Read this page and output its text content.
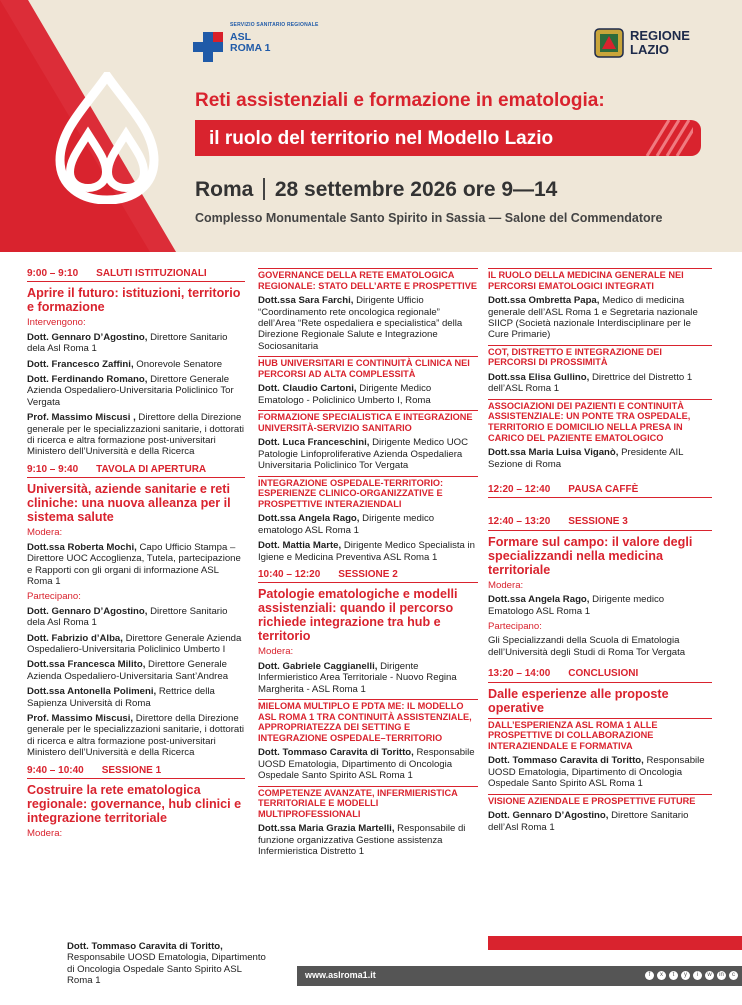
SERVIZIO SANITARIO REGIONALE
ASL
ROMA 1
REGIONE
LAZIO
Reti assistenziali e formazione in ematologia:
il ruolo del territorio nel Modello Lazio
Roma 28 settembre 2026 ore 9—14
Complesso Monumentale Santo Spirito in Sassia — Salone del Commendatore
9:00 – 9:10 SALUTI ISTITUZIONALI
Aprire il futuro: istituzioni, territorio e formazione
Intervengono:
Dott. Gennaro D’Agostino, Direttore Sanitario dela Asl Roma 1
Dott. Francesco Zaffini, Onorevole Senatore
Dott. Ferdinando Romano, Direttore Generale Azienda Ospedaliero-Universitaria Policlinico Tor Vergata
Prof. Massimo Miscusi , Direttore della Direzione generale per le specializzazioni sanitarie, i dottorati di ricerca e altra formazione post-universitari Ministero dell’Università e della Ricerca
9:10 – 9:40 TAVOLA DI APERTURA
Università, aziende sanitarie e reti cliniche: una nuova alleanza per il sistema salute
Modera:
Dott.ssa Roberta Mochi, Capo Ufficio Stampa – Direttore UOC Accoglienza, Tutela, partecipazione e Rapporti con gli organi di informazione ASL Roma 1
Partecipano:
Dott. Gennaro D’Agostino, Direttore Sanitario dela Asl Roma 1
Dott. Fabrizio d’Alba, Direttore Generale Azienda Ospedaliero-Universitaria Policlinico Umberto I
Dott.ssa Francesca Milito, Direttore Generale Azienda Ospedaliero-Universitaria Sant’Andrea
Dott.ssa Antonella Polimeni, Rettrice della Sapienza Università di Roma
Prof. Massimo Miscusi, Direttore della Direzione generale per le specializzazioni sanitarie, i dottorati di ricerca e altra formazione post-universitari Ministero dell’Università e della Ricerca
9:40 – 10:40 SESSIONE 1
Costruire la rete ematologica regionale: governance, hub clinici e integrazione territoriale
Modera:
Dott. Tommaso Caravita di Toritto, Responsabile UOSD Ematologia, Dipartimento di Oncologia Ospedale Santo Spirito ASL Roma 1
GOVERNANCE DELLA RETE EMATOLOGICA REGIONALE: STATO DELL’ARTE E PROSPETTIVE
Dott.ssa Sara Farchi, Dirigente Ufficio “Coordinamento rete oncologica regionale” dell’Area “Rete ospedaliera e specialistica” della Direzione Regionale Salute e Integrazione Sociosanitaria
HUB UNIVERSITARI E CONTINUITÀ CLINICA NEI PERCORSI AD ALTA COMPLESSITÀ
Dott. Claudio Cartoni, Dirigente Medico Ematologo - Policlinico Umberto I, Roma
FORMAZIONE SPECIALISTICA E INTEGRAZIONE UNIVERSITÀ-SERVIZIO SANITARIO
Dott. Luca Franceschini, Dirigente Medico UOC Patologie Linfoproliferative Azienda Ospedaliera Universitaria Policlinico Tor Vergata
INTEGRAZIONE OSPEDALE-TERRITORIO: ESPERIENZE CLINICO-ORGANIZZATIVE E PROSPETTIVE INTERAZIENDALI
Dott.ssa Angela Rago, Dirigente medico ematologo ASL Roma 1
Dott. Mattia Marte, Dirigente Medico Specialista in Igiene e Medicina Preventiva ASL Roma 1
10:40 – 12:20 SESSIONE 2
Patologie ematologiche e modelli assistenziali: quando il percorso richiede integrazione tra hub e territorio
Modera:
Dott. Gabriele Caggianelli, Dirigente Infermieristico Area Territoriale - Nuovo Regina Margherita - ASL Roma 1
MIELOMA MULTIPLO E PDTA ME: IL MODELLO ASL ROMA 1 TRA CONTINUITÀ ASSISTENZIALE, APPROPRIATEZZA DEI SETTING E INTEGRAZIONE OSPEDALE–TERRITORIO
Dott. Tommaso Caravita di Toritto, Responsabile UOSD Ematologia, Dipartimento di Oncologia Ospedale Santo Spirito ASL Roma 1
COMPETENZE AVANZATE, INFERMIERISTICA TERRITORIALE E MODELLI MULTIPROFESSIONALI
Dott.ssa Maria Grazia Martelli, Responsabile di funzione organizzativa Gestione assistenza Infermieristica Distretto 1
IL RUOLO DELLA MEDICINA GENERALE NEI PERCORSI EMATOLOGICI INTEGRATI
Dott.ssa Ombretta Papa, Medico di medicina generale dell’ASL Roma 1 e Segretaria nazionale SIICP (Società nazionale Interdisciplinare per le Cure Primarie)
COT, DISTRETTO E INTEGRAZIONE DEI PERCORSI DI PROSSIMITÀ
Dott.ssa Elisa Gullino, Direttrice del Distretto 1 dell’ASL Roma 1
ASSOCIAZIONI DEI PAZIENTI E CONTINUITÀ ASSISTENZIALE: UN PONTE TRA OSPEDALE, TERRITORIO E DOMICILIO NELLA PRESA IN CARICO DEL PAZIENTE EMATOLOGICO
Dott.ssa Maria Luisa Viganò, Presidente AIL Sezione di Roma
12:20 – 12:40 PAUSA CAFFÈ
12:40 – 13:20 SESSIONE 3
Formare sul campo: il valore degli specializzandi nella medicina territoriale
Modera:
Dott.ssa Angela Rago, Dirigente medico Ematologo ASL Roma 1
Partecipano:
Gli Specializzandi della Scuola di Ematologia dell’Università degli Studi di Roma Tor Vergata
13:20 – 14:00 CONCLUSIONI
Dalle esperienze alle proposte operative
DALL’ESPERIENZA ASL ROMA 1 ALLE PROSPETTIVE DI COLLABORAZIONE INTERAZIENDALE E FORMATIVA
Dott. Tommaso Caravita di Toritto, Responsabile UOSD Ematologia, Dipartimento di Oncologia Ospedale Santo Spirito ASL Roma 1
VISIONE AZIENDALE E PROSPETTIVE FUTURE
Dott. Gennaro D’Agostino, Direttore Sanitario dell’Asl Roma 1
www.aslroma1.it	f	x	t	y	i	w	in	c
